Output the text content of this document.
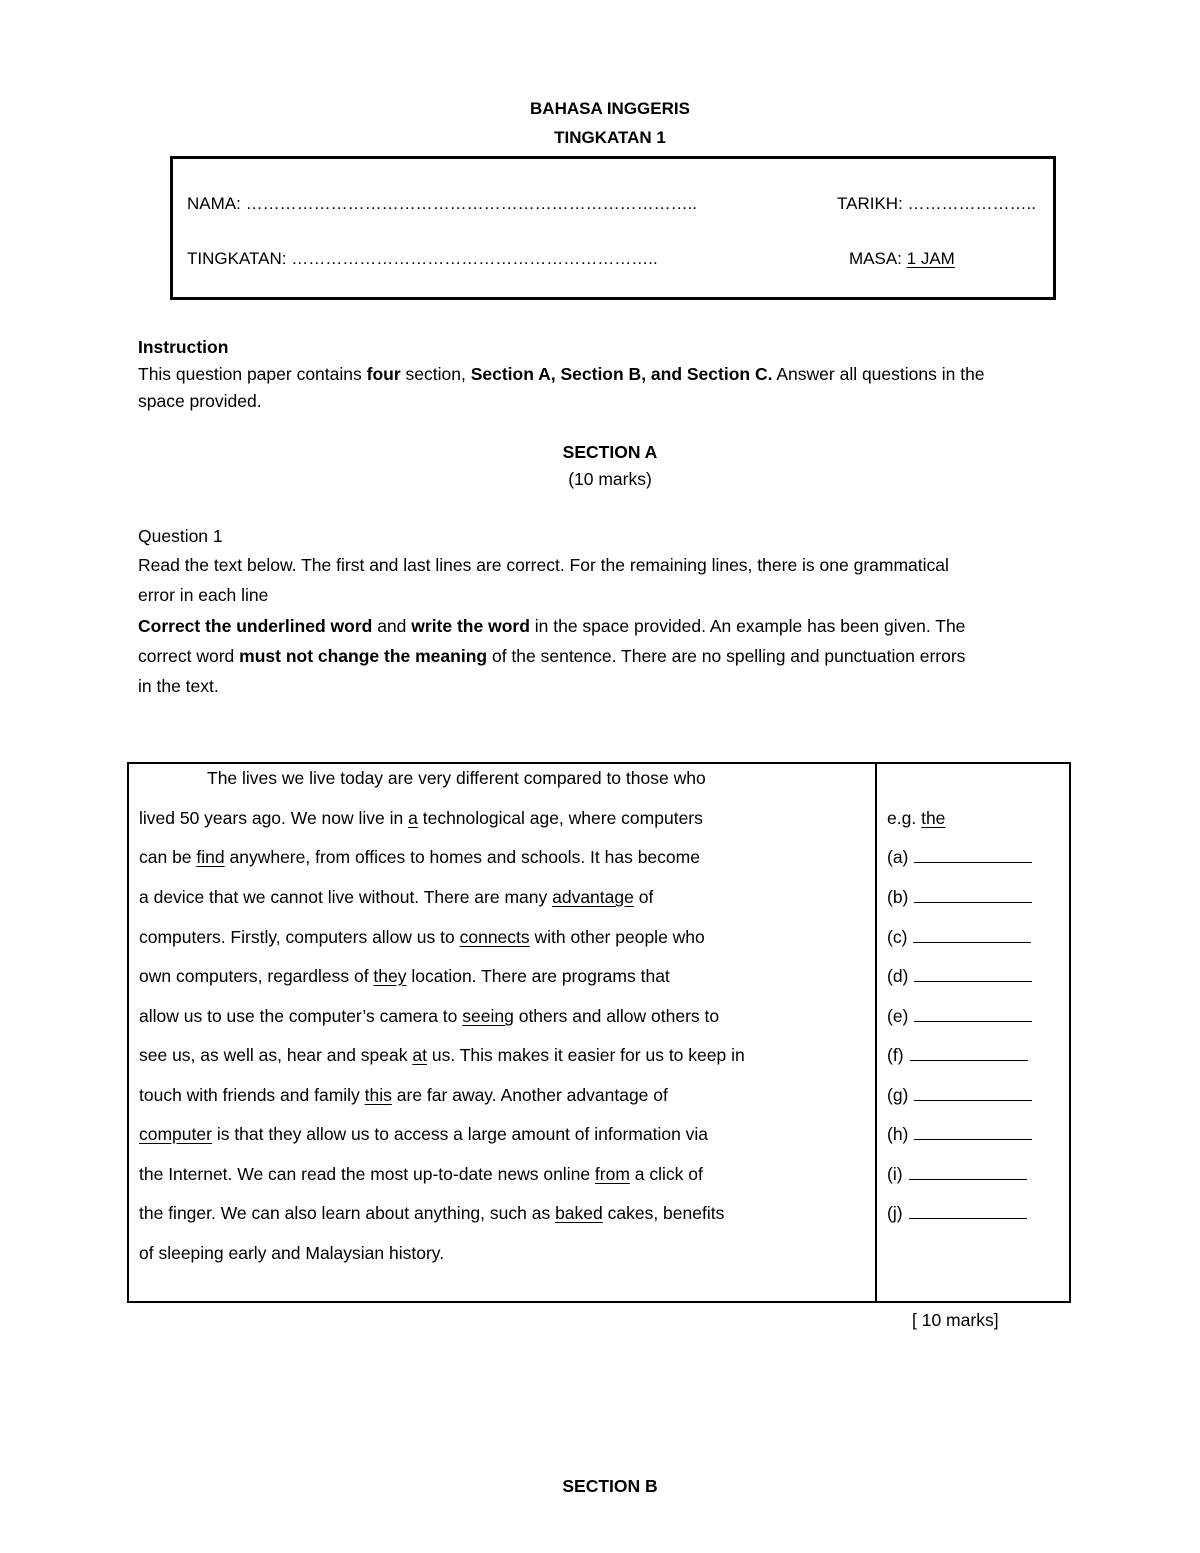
BAHASA INGGERIS
TINGKATAN 1
NAMA: ……………………………………………………………………..	TARIKH: …………………..
TINGKATAN: ………………………………………………………..	MASA: 1 JAM
Instruction
This question paper contains four section, Section A, Section B, and Section C. Answer all questions in the
space provided.
SECTION A
(10 marks)
Question 1
Read the text below. The first and last lines are correct. For the remaining lines, there is one grammatical
error in each line
Correct the underlined word and write the word in the space provided. An example has been given. The
correct word must not change the meaning of the sentence. There are no spelling and punctuation errors
in the text.
The lives we live today are very different compared to those who
lived 50 years ago. We now live in a technological age, where computers
can be find anywhere, from offices to homes and schools. It has become
a device that we cannot live without. There are many advantage of
computers. Firstly, computers allow us to connects with other people who
own computers, regardless of they location. There are programs that
allow us to use the computer’s camera to seeing others and allow others to
see us, as well as, hear and speak at us. This makes it easier for us to keep in
touch with friends and family this are far away. Another advantage of
computer is that they allow us to access a large amount of information via
the Internet. We can read the most up-to-date news online from a click of
the finger. We can also learn about anything, such as baked cakes, benefits
of sleeping early and Malaysian history.
e.g. the
(a)
(b)
(c)
(d)
(e)
(f)
(g)
(h)
(i)
(j)
[ 10 marks]
SECTION B
